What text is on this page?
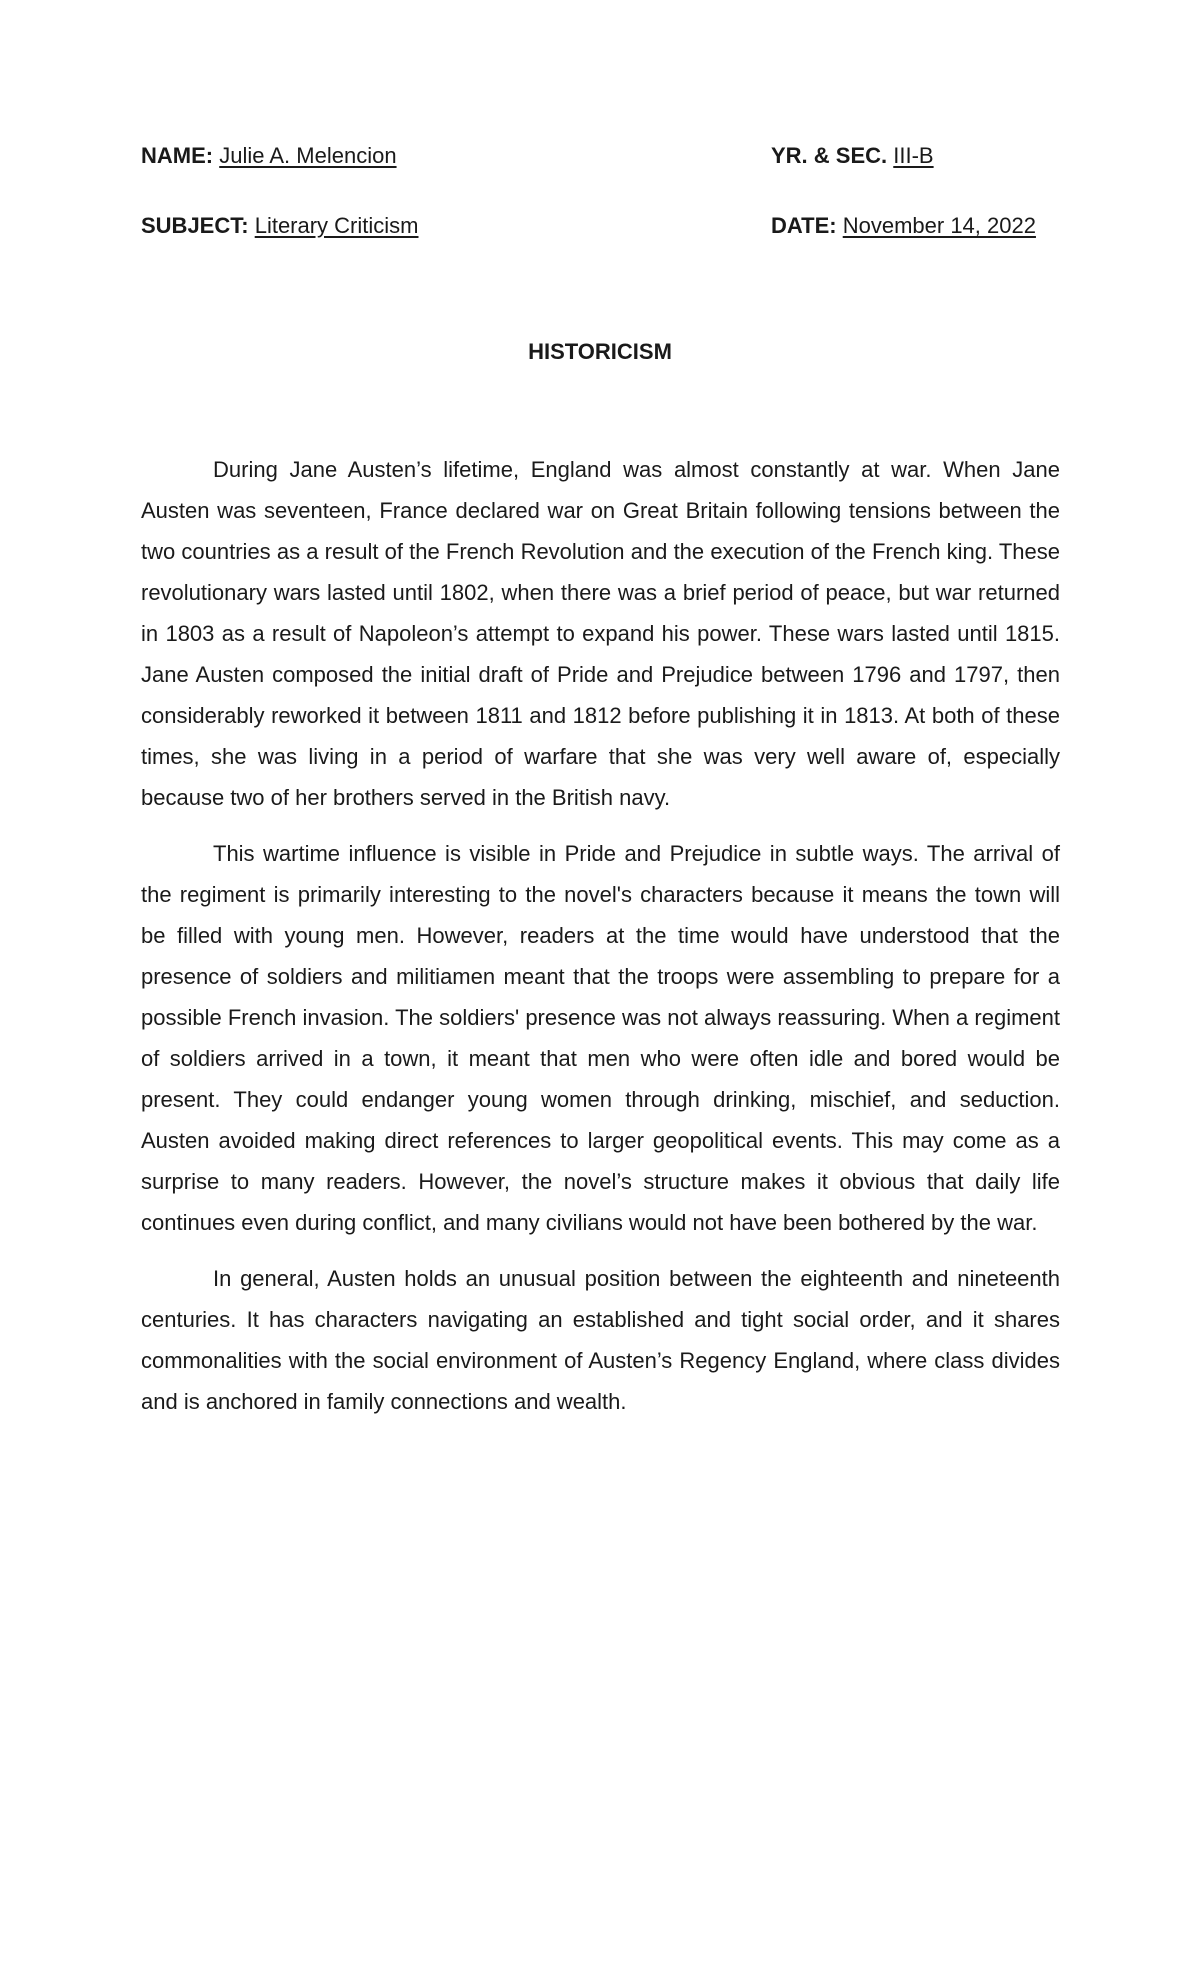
NAME: Julie A. Melencion	YR. & SEC. III-B
SUBJECT: Literary Criticism	DATE: November 14, 2022
HISTORICISM

During Jane Austen’s lifetime, England was almost constantly at war. When Jane Austen was seventeen, France declared war on Great Britain following tensions between the two countries as a result of the French Revolution and the execution of the French king. These revolutionary wars lasted until 1802, when there was a brief period of peace, but war returned in 1803 as a result of Napoleon’s attempt to expand his power. These wars lasted until 1815. Jane Austen composed the initial draft of Pride and Prejudice between 1796 and 1797, then considerably reworked it between 1811 and 1812 before publishing it in 1813. At both of these times, she was living in a period of warfare that she was very well aware of, especially because two of her brothers served in the British navy.

This wartime influence is visible in Pride and Prejudice in subtle ways. The arrival of the regiment is primarily interesting to the novel's characters because it means the town will be filled with young men. However, readers at the time would have understood that the presence of soldiers and militiamen meant that the troops were assembling to prepare for a possible French invasion. The soldiers' presence was not always reassuring. When a regiment of soldiers arrived in a town, it meant that men who were often idle and bored would be present. They could endanger young women through drinking, mischief, and seduction. Austen avoided making direct references to larger geopolitical events. This may come as a surprise to many readers. However, the novel’s structure makes it obvious that daily life continues even during conflict, and many civilians would not have been bothered by the war.

In general, Austen holds an unusual position between the eighteenth and nineteenth centuries. It has characters navigating an established and tight social order, and it shares commonalities with the social environment of Austen’s Regency England, where class divides and is anchored in family connections and wealth.
